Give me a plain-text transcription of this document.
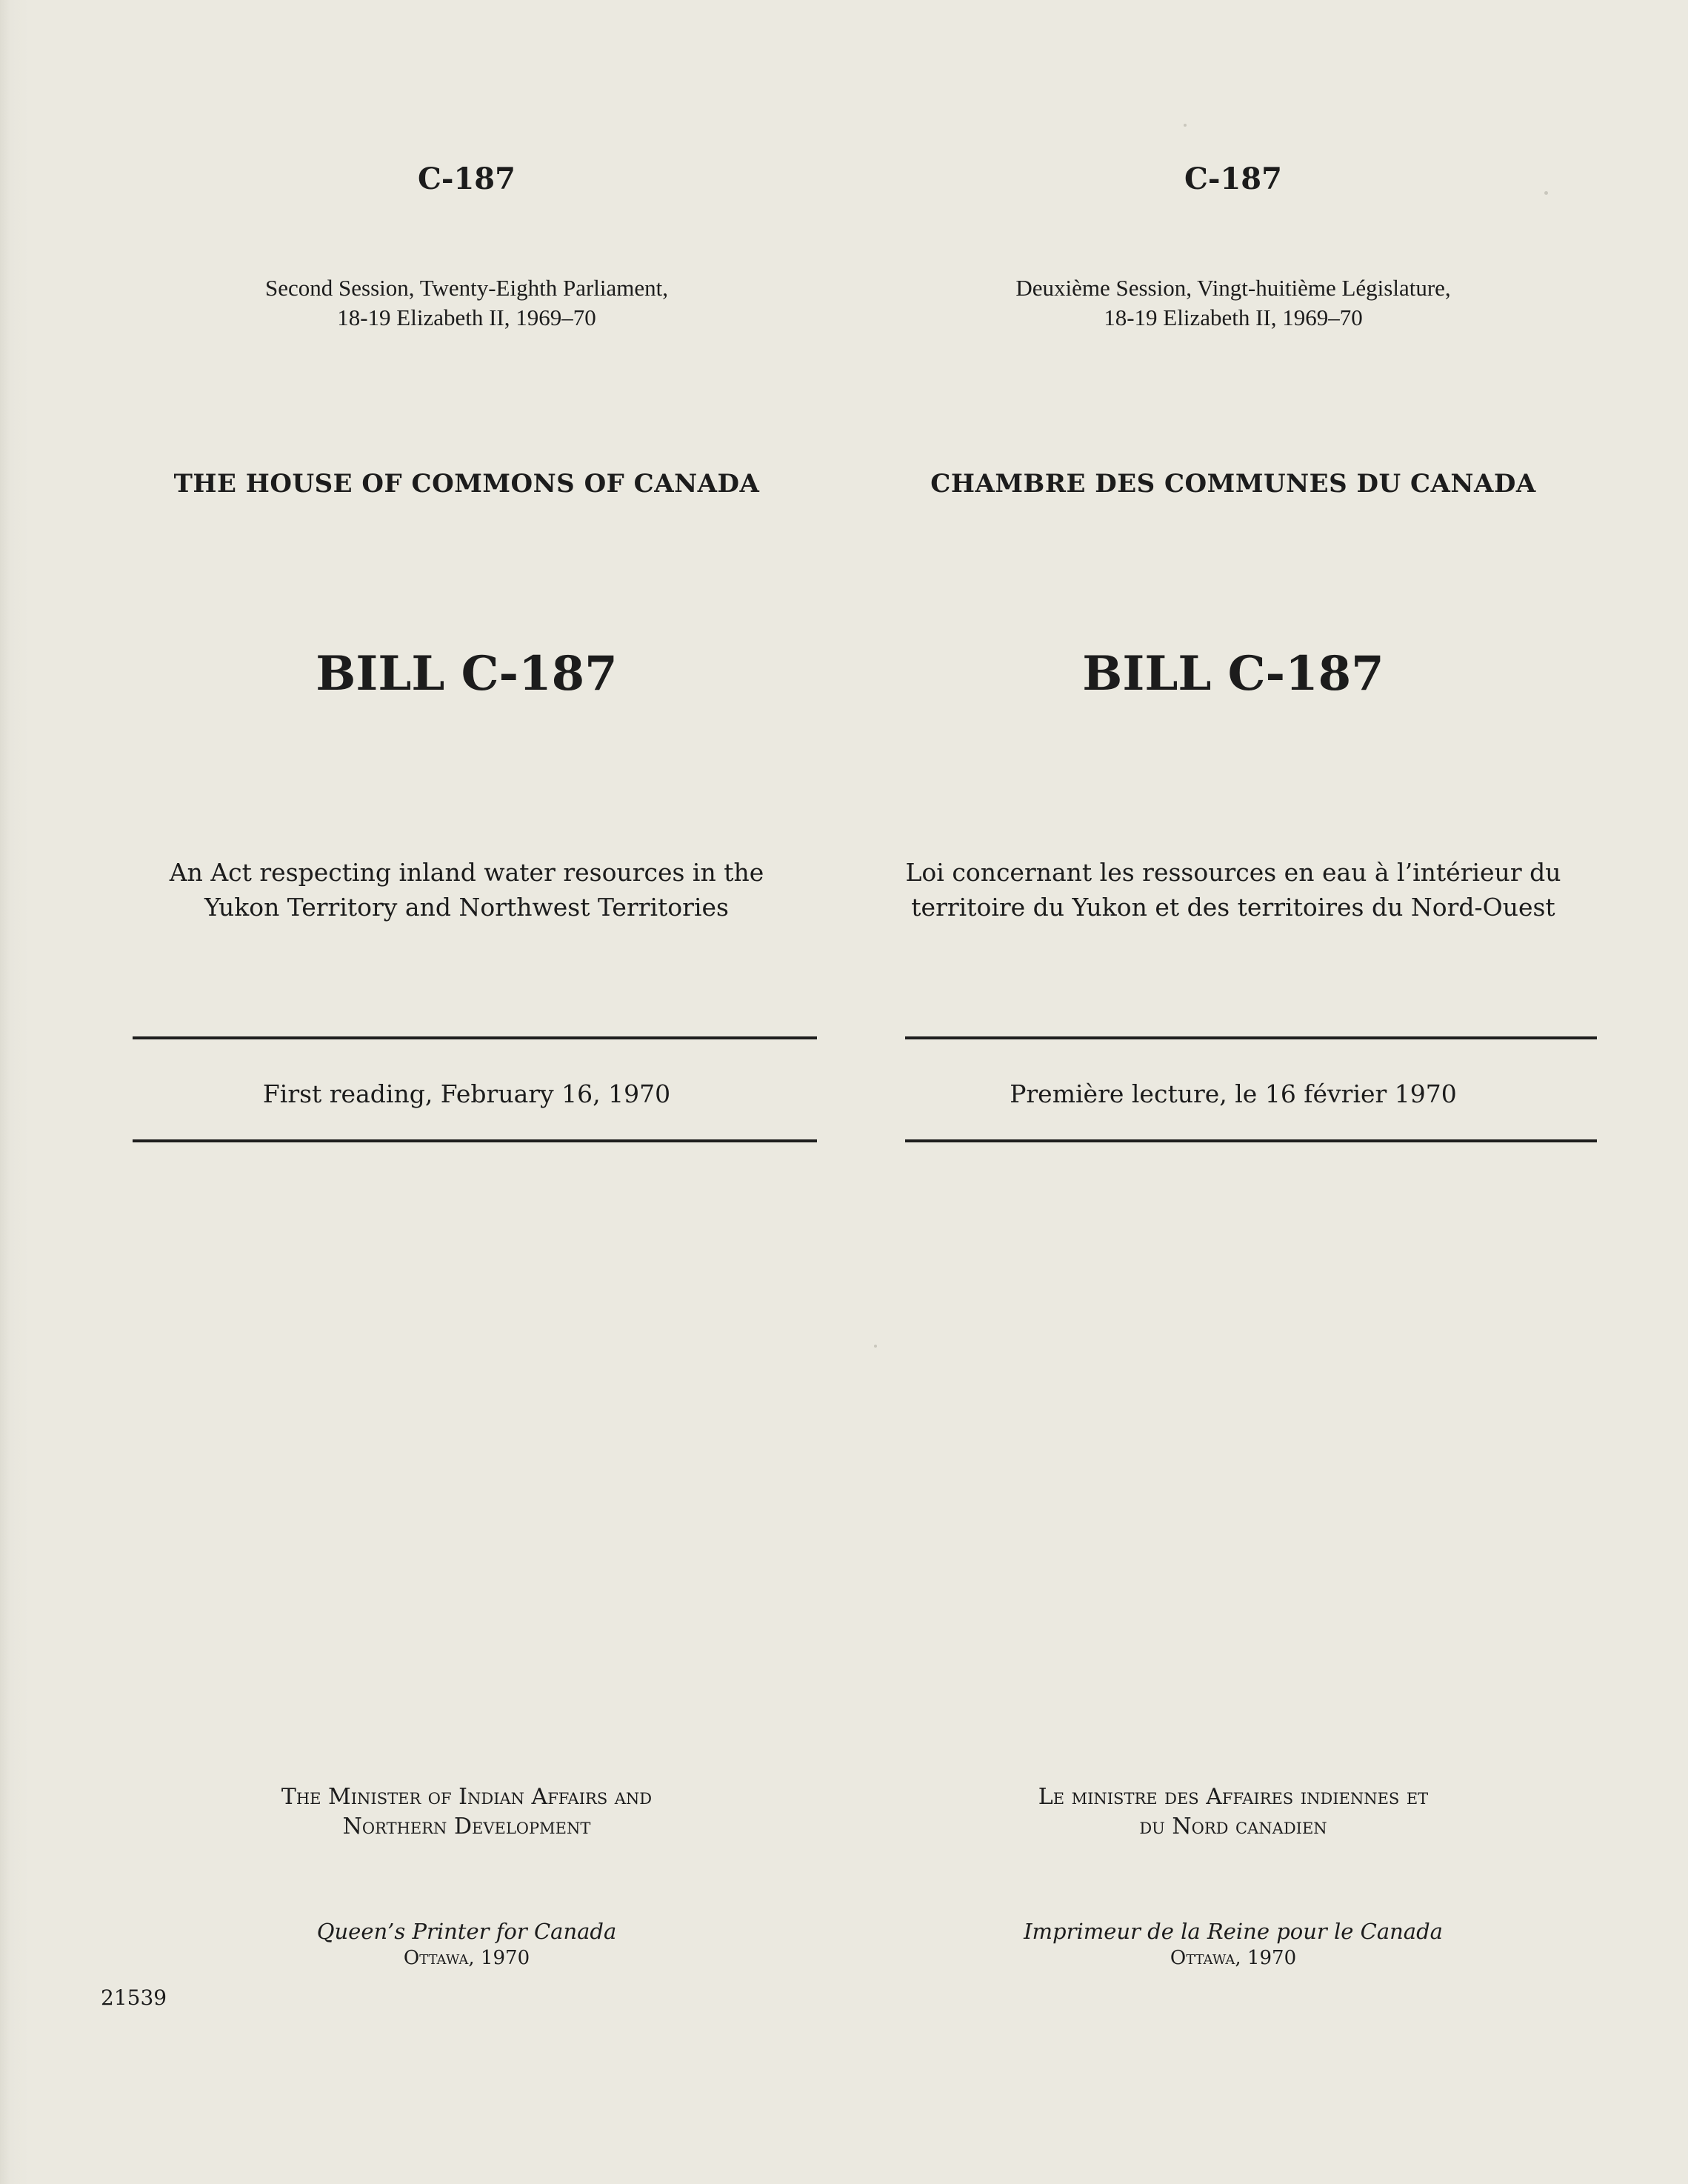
C-187
Second Session, Twenty-Eighth Parliament,
18-19 Elizabeth II, 1969–70
THE HOUSE OF COMMONS OF CANADA
BILL C-187
An Act respecting inland water resources in the
Yukon Territory and Northwest Territories
First reading, February 16, 1970
The Minister of Indian Affairs and
Northern Development
Queen’s Printer for Canada
Ottawa, 1970
C-187
Deuxième Session, Vingt-huitième Législature,
18-19 Elizabeth II, 1969–70
CHAMBRE DES COMMUNES DU CANADA
BILL C-187
Loi concernant les ressources en eau à l’intérieur du
territoire du Yukon et des territoires du Nord-Ouest
Première lecture, le 16 février 1970
Le ministre des Affaires indiennes et
du Nord canadien
Imprimeur de la Reine pour le Canada
Ottawa, 1970
21539
